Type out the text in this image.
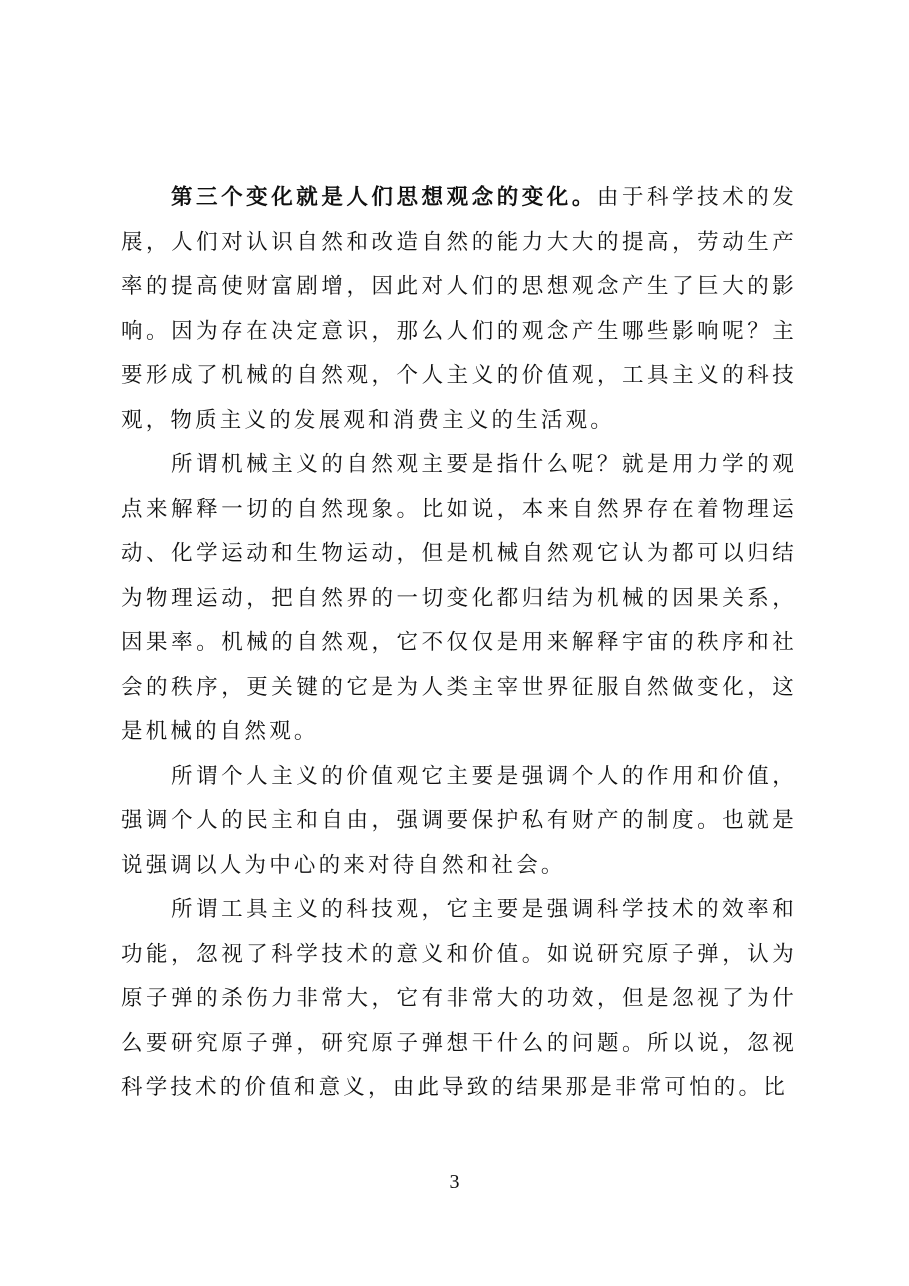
第三个变化就是人们思想观念的变化。由于科学技术的发展，人们对认识自然和改造自然的能力大大的提高，劳动生产率的提高使财富剧增，因此对人们的思想观念产生了巨大的影响。因为存在决定意识，那么人们的观念产生哪些影响呢？主要形成了机械的自然观，个人主义的价值观，工具主义的科技观，物质主义的发展观和消费主义的生活观。

所谓机械主义的自然观主要是指什么呢？就是用力学的观点来解释一切的自然现象。比如说，本来自然界存在着物理运动、化学运动和生物运动，但是机械自然观它认为都可以归结为物理运动，把自然界的一切变化都归结为机械的因果关系，因果率。机械的自然观，它不仅仅是用来解释宇宙的秩序和社会的秩序，更关键的它是为人类主宰世界征服自然做变化，这是机械的自然观。

所谓个人主义的价值观它主要是强调个人的作用和价值，强调个人的民主和自由，强调要保护私有财产的制度。也就是说强调以人为中心的来对待自然和社会。

所谓工具主义的科技观，它主要是强调科学技术的效率和功能，忽视了科学技术的意义和价值。如说研究原子弹，认为原子弹的杀伤力非常大，它有非常大的功效，但是忽视了为什么要研究原子弹，研究原子弹想干什么的问题。所以说，忽视科学技术的价值和意义，由此导致的结果那是非常可怕的。比

3
